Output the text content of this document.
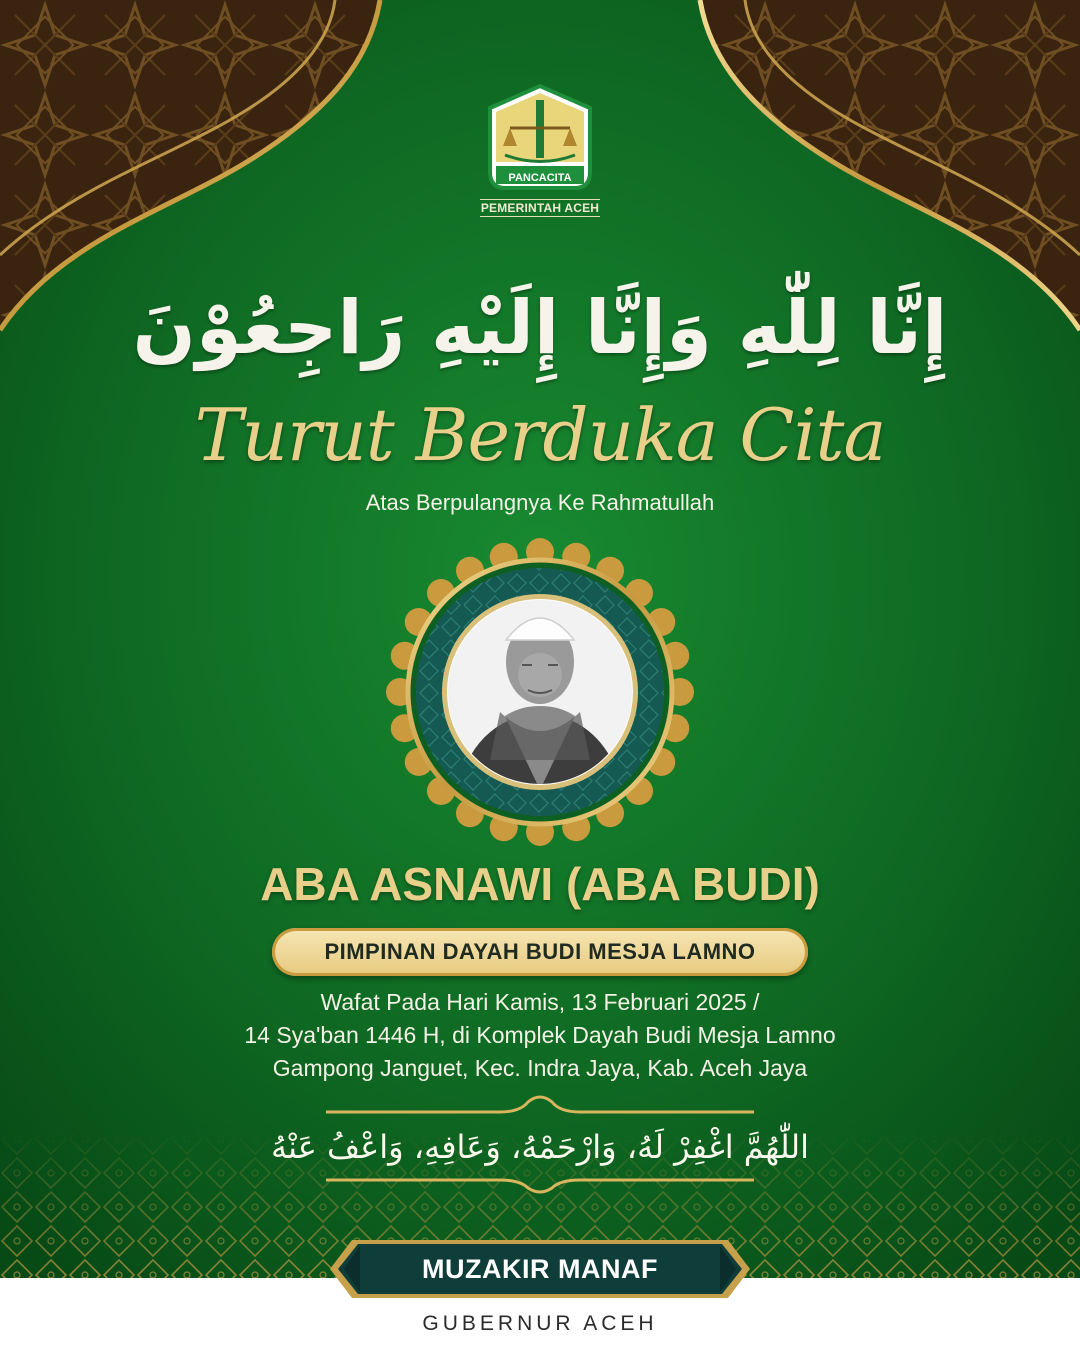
PANCACITA
PEMERINTAH ACEH
إِنَّا لِلّٰهِ وَإِنَّا إِلَيْهِ رَاجِعُوْنَ
Turut Berduka Cita
Atas Berpulangnya Ke Rahmatullah
ABA ASNAWI (ABA BUDI)
PIMPINAN DAYAH BUDI MESJA LAMNO
Wafat Pada Hari Kamis, 13 Februari 2025 /
14 Sya'ban 1446 H, di Komplek Dayah Budi Mesja Lamno
Gampong Janguet, Kec. Indra Jaya, Kab. Aceh Jaya
اللّٰهُمَّ اغْفِرْ لَهُ، وَارْحَمْهُ، وَعَافِهِ، وَاعْفُ عَنْهُ
MUZAKIR MANAF
GUBERNUR ACEH
